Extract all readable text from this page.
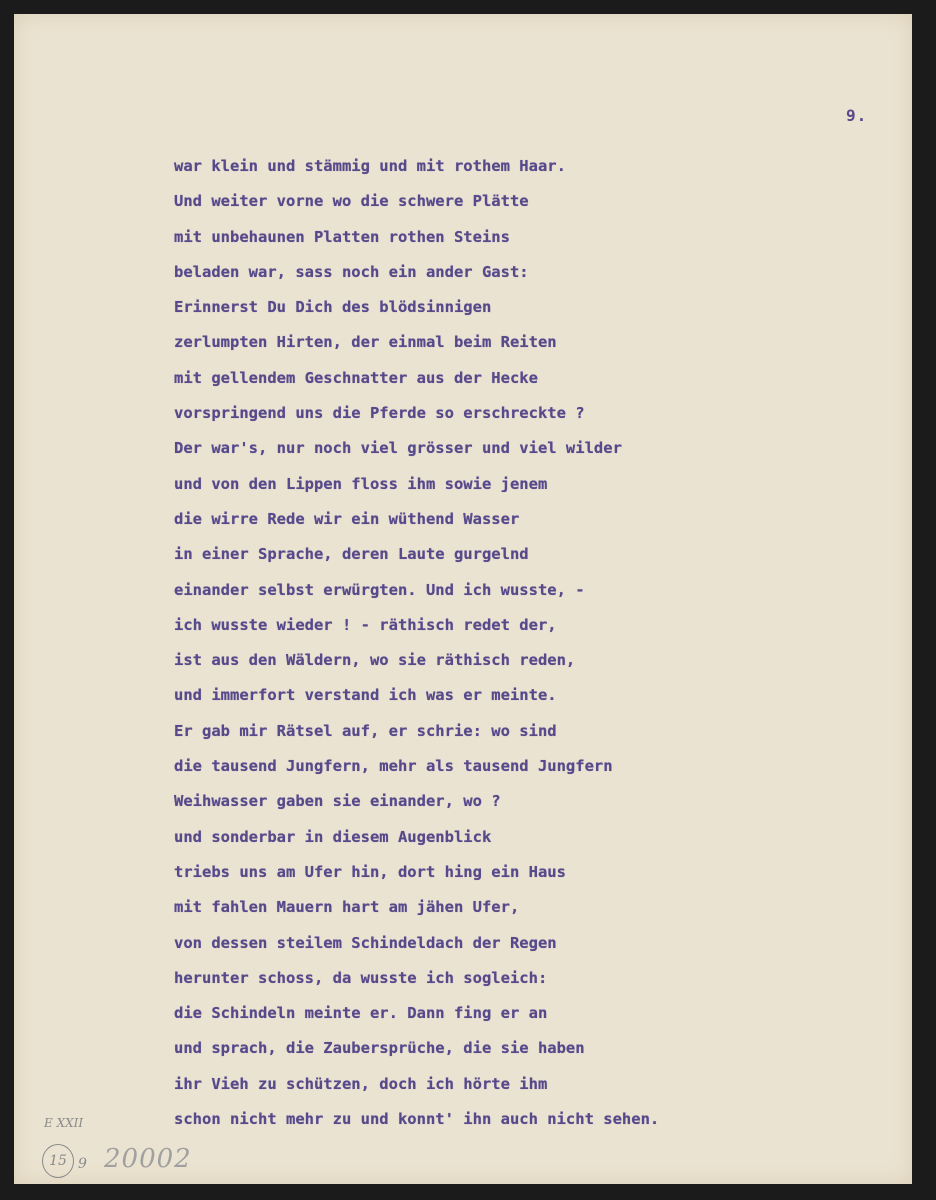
9.
war klein und stämmig und mit rothem Haar.
Und weiter vorne wo die schwere Plätte
mit unbehaunen Platten rothen Steins
beladen war, sass noch ein ander Gast:
Erinnerst Du Dich des blödsinnigen
zerlumpten Hirten, der einmal beim Reiten
mit gellendem Geschnatter aus der Hecke
vorspringend uns die Pferde so erschreckte ?
Der war's, nur noch viel grösser und viel wilder
und von den Lippen floss ihm sowie jenem
die wirre Rede wir ein wüthend Wasser
in einer Sprache, deren Laute gurgelnd
einander selbst erwürgten. Und ich wusste, -
ich wusste wieder ! - räthisch redet der,
ist aus den Wäldern, wo sie räthisch reden,
und immerfort verstand ich was er meinte.
Er gab mir Rätsel auf, er schrie: wo sind
die tausend Jungfern, mehr als tausend Jungfern
Weihwasser gaben sie einander, wo ?
und sonderbar in diesem Augenblick
triebs uns am Ufer hin, dort hing ein Haus
mit fahlen Mauern hart am jähen Ufer,
von dessen steilem Schindeldach der Regen
herunter schoss, da wusste ich sogleich:
die Schindeln meinte er. Dann fing er an
und sprach, die Zaubersprüche, die sie haben
ihr Vieh zu schützen, doch ich hörte ihm
schon nicht mehr zu und konnt' ihn auch nicht sehen.
E XXII
15 9 20002
